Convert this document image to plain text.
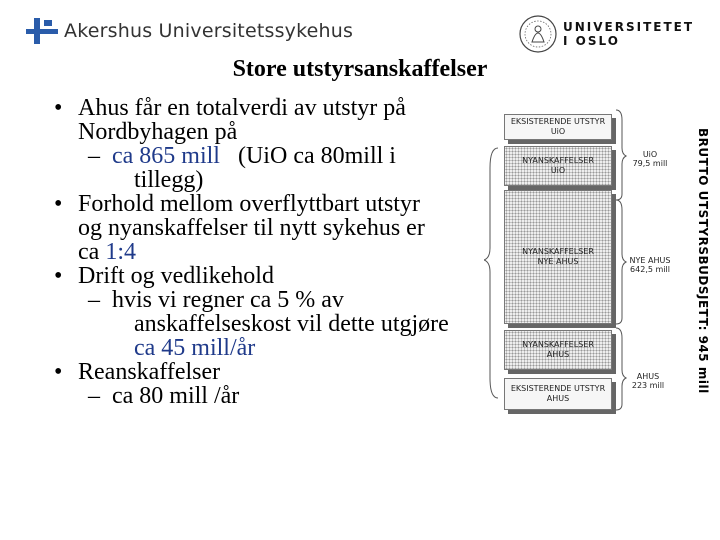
Akershus Universitetssykehus	UNIVERSITETET
I OSLO
Store utstyrsanskaffelser
• Ahus får en totalverdi av utstyr på
Nordbyhagen på
– ca 865 mill (UiO ca 80mill i
tillegg)
• Forhold mellom overflyttbart utstyr
og nyanskaffelser til nytt sykehus er
ca 1:4
• Drift og vedlikehold
– hvis vi regner ca 5 % av
anskaffelseskost vil dette utgjøre
ca 45 mill/år
• Reanskaffelser
– ca 80 mill /år
EKSISTERENDE UTSTYR
UiO
NYANSKAFFELSER
UiO
NYANSKAFFELSER
NYE AHUS
NYANSKAFFELSER
AHUS
EKSISTERENDE UTSTYR
AHUS
UiO
79,5 mill
NYE AHUS
642,5 mill
AHUS
223 mill	BRUTTO UTSTYRSBUDSJETT: 945 mill
